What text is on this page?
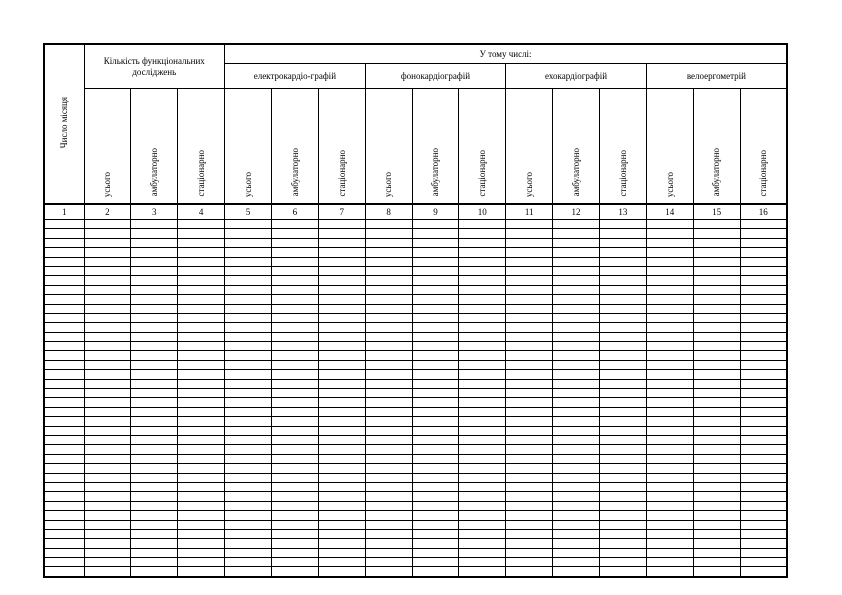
Число місяця	Кількість функціональних досліджень			У тому числі:											
				електрокардіо-графій			фонокардіографій			ехокардіографій			велоергометрій		
	усього	амбулаторно	стаціонарно	усього	амбулаторно	стаціонарно	усього	амбулаторно	стаціонарно	усього	амбулаторно	стаціонарно	усього	амбулаторно	стаціонарно
1	2	3	4	5	6	7	8	9	10	11	12	13	14	15	16
